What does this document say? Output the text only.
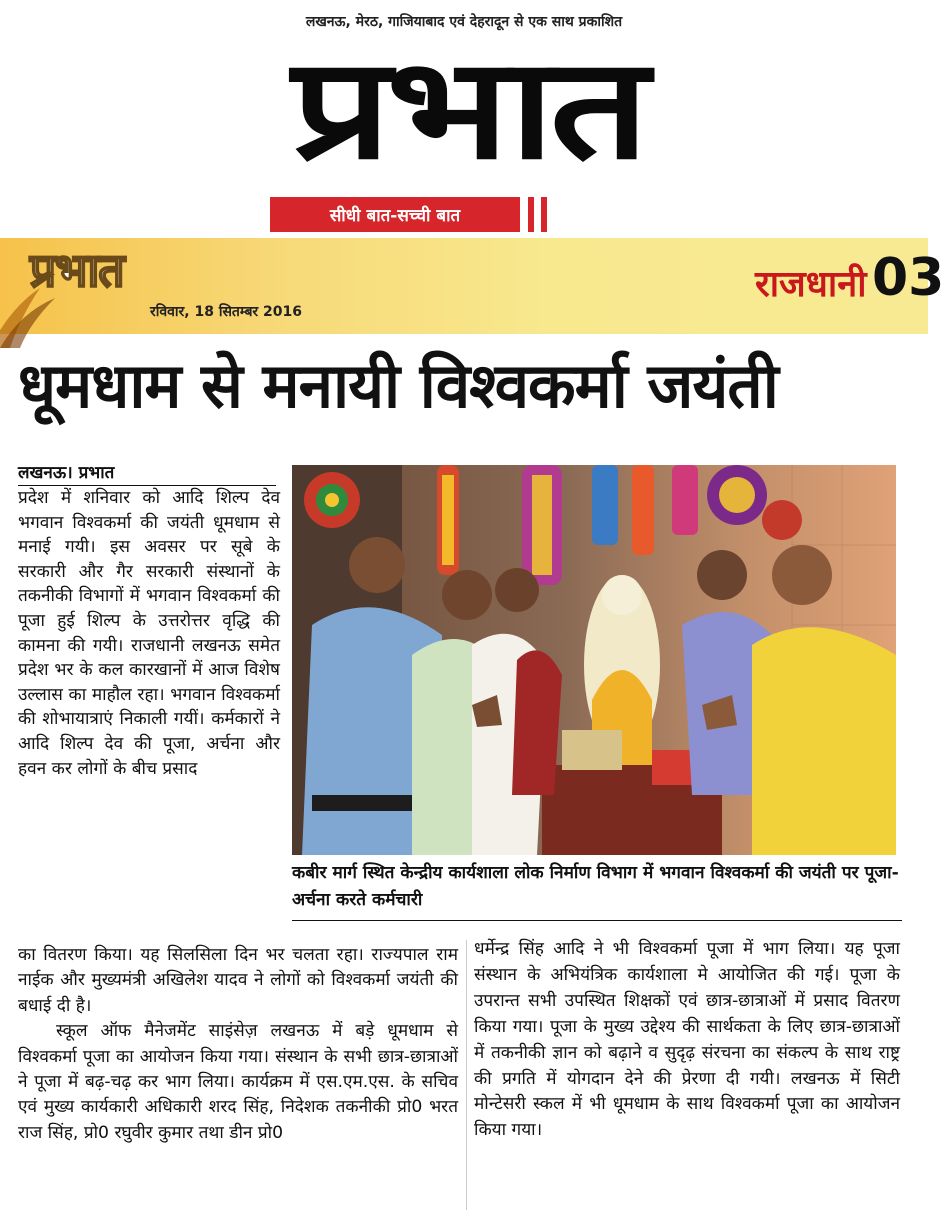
लखनऊ, मेरठ, गाजियाबाद एवं देहरादून से एक साथ प्रकाशित
प्रभात
सीधी बात-सच्ची बात
प्रभात
रविवार, 18 सितम्बर 2016
राजधानी 03
धूमधाम से मनायी विश्वकर्मा जयंती
लखनऊ। प्रभात

प्रदेश में शनिवार को आदि शिल्प देव भगवान विश्वकर्मा की जयंती धूमधाम से मनाई गयी। इस अवसर पर सूबे के सरकारी और गैर सरकारी संस्थानों के तकनीकी विभागों में भगवान विश्वकर्मा की पूजा हुई शिल्प के उत्तरोत्तर वृद्धि की कामना की गयी। राजधानी लखनऊ समेत प्रदेश भर के कल कारखानों में आज विशेष उल्लास का माहौल रहा। भगवान विश्वकर्मा की शोभायात्राएं निकाली गयीं। कर्मकारों ने आदि शिल्प देव की पूजा, अर्चना और हवन कर लोगों के बीच प्रसाद

कबीर मार्ग स्थित केन्द्रीय कार्यशाला लोक निर्माण विभाग में भगवान विश्वकर्मा की जयंती पर पूजा-अर्चना करते कर्मचारी

का वितरण किया। यह सिलसिला दिन भर चलता रहा। राज्यपाल राम नाईक और मुख्यमंत्री अखिलेश यादव ने लोगों को विश्वकर्मा जयंती की बधाई दी है।

स्कूल ऑफ मैनेजमेंट साइंसेज़ लखनऊ में बड़े धूमधाम से विश्वकर्मा पूजा का आयोजन किया गया। संस्थान के सभी छात्र-छात्राओं ने पूजा में बढ़-चढ़ कर भाग लिया। कार्यक्रम में एस.एम.एस. के सचिव एवं मुख्य कार्यकारी अधिकारी शरद सिंह, निदेशक तकनीकी प्रो0 भरत राज सिंह, प्रो0 रघुवीर कुमार तथा डीन प्रो0

धर्मेन्द्र सिंह आदि ने भी विश्वकर्मा पूजा में भाग लिया। यह पूजा संस्थान के अभियंत्रिक कार्यशाला मे आयोजित की गई। पूजा के उपरान्त सभी उपस्थित शिक्षकों एवं छात्र-छात्राओं में प्रसाद वितरण किया गया। पूजा के मुख्य उद्देश्य की सार्थकता के लिए छात्र-छात्राओं में तकनीकी ज्ञान को बढ़ाने व सुदृढ़ संरचना का संकल्प के साथ राष्ट्र की प्रगति में योगदान देने की प्रेरणा दी गयी। लखनऊ में सिटी मोन्टेसरी स्कल में भी धूमधाम के साथ विश्वकर्मा पूजा का आयोजन किया गया।
